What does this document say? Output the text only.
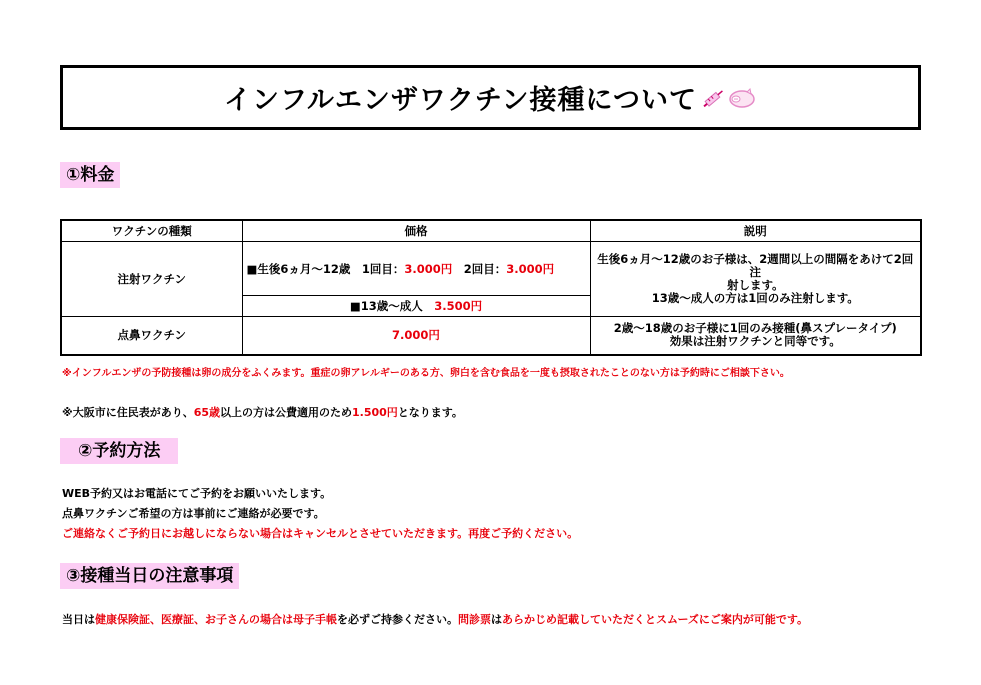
インフルエンザワクチン接種について
①料金
ワクチンの種類	価格	説明
注射ワクチン	■生後6ヵ月～12歳　1回目：3.000円　2回目：3.000円	生後6ヵ月～12歳のお子様は、2週間以上の間隔をあけて2回注
射します。
13歳～成人の方は1回のみ注射します。

	■13歳～成人　3.500円	
点鼻ワクチン	7.000円	2歳～18歳のお子様に1回のみ接種(鼻スプレータイプ)
効果は注射ワクチンと同等です。
※インフルエンザの予防接種は卵の成分をふくみます。重症の卵アレルギーのある方、卵白を含む食品を一度も摂取されたことのない方は予約時にご相談下さい。
※大阪市に住民表があり、65歳以上の方は公費適用のため1.500円となります。
②予約方法
WEB予約又はお電話にてご予約をお願いいたします。
点鼻ワクチンご希望の方は事前にご連絡が必要です。
ご連絡なくご予約日にお越しにならない場合はキャンセルとさせていただきます。再度ご予約ください。
③接種当日の注意事項
当日は健康保険証、医療証、お子さんの場合は母子手帳を必ずご持参ください。問診票はあらかじめ記載していただくとスムーズにご案内が可能です。
